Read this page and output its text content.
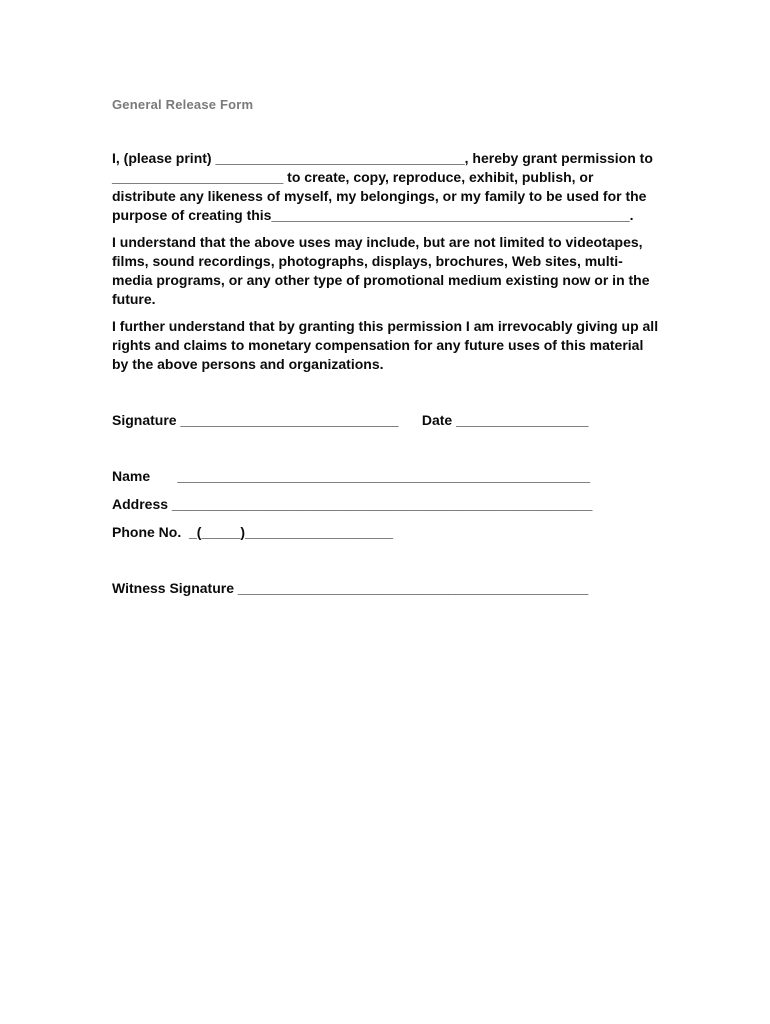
General Release Form

I, (please print) ________________________________, hereby grant permission to ______________________ to create, copy, reproduce, exhibit, publish, or distribute any likeness of myself, my belongings, or my family to be used for the purpose of creating this______________________________________________.

I understand that the above uses may include, but are not limited to videotapes, films, sound recordings, photographs, displays, brochures, Web sites, multi-media programs, or any other type of promotional medium existing now or in the future.

I further understand that by granting this permission I am irrevocably giving up all rights and claims to monetary compensation for any future uses of this material by the above persons and organizations.

Signature ____________________________ Date _________________

Name       _____________________________________________________

Address ______________________________________________________

Phone No.  _(_____)___________________

Witness Signature _____________________________________________
